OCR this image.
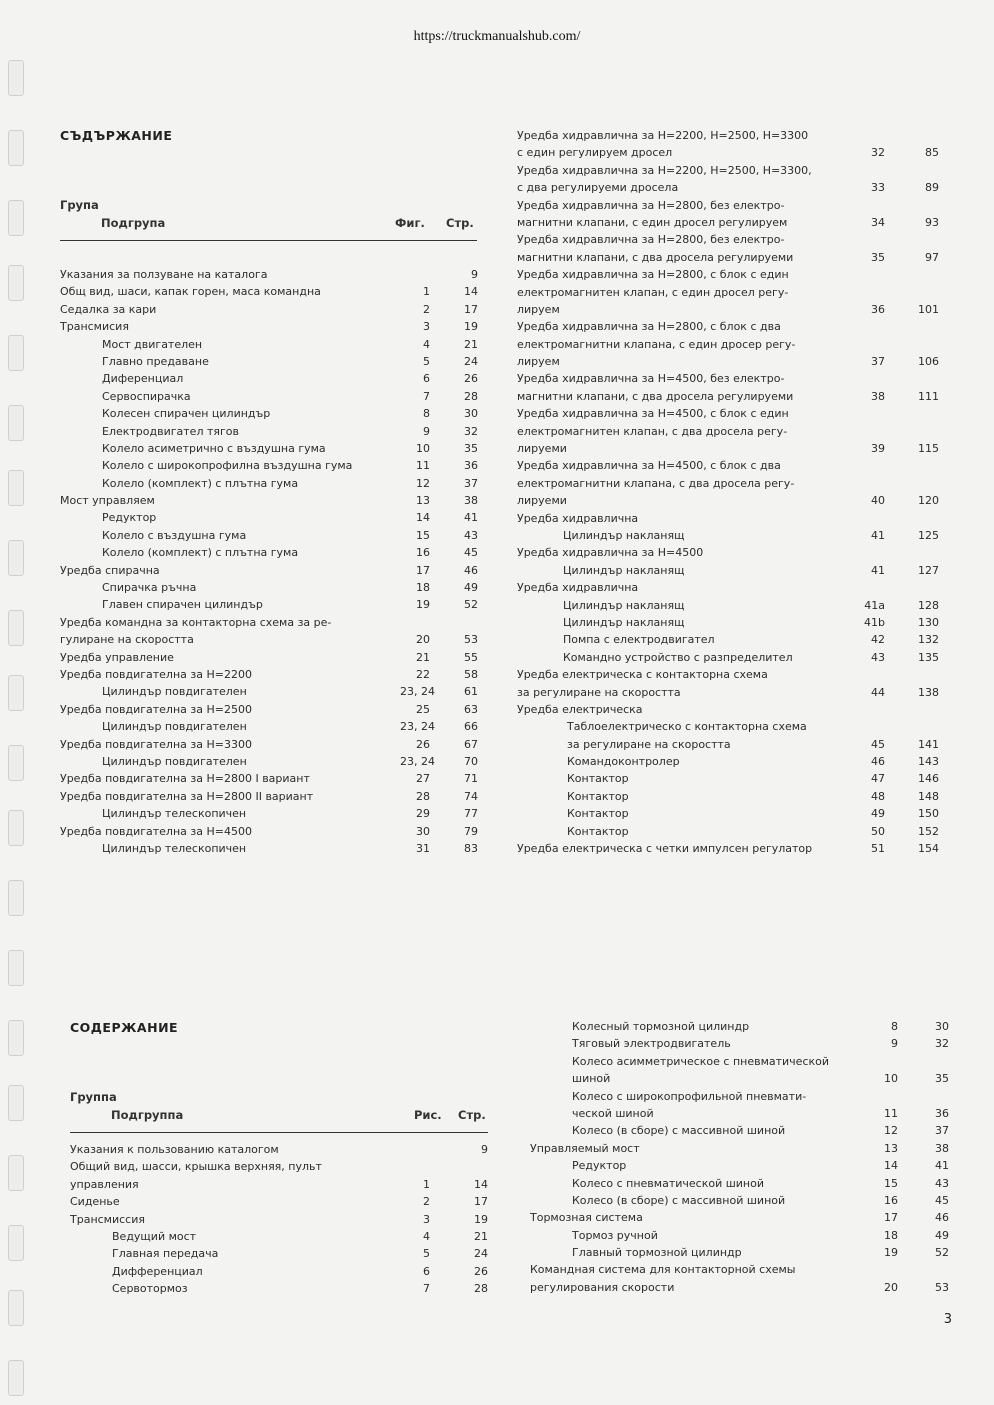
https://truckmanualshub.com/
СЪДЪРЖАНИЕ
Група
Подгрупа	Фиг. Стр.
Указания за ползуване на каталога	9
Общ вид, шаси, капак горен, маса командна	1	14
Седалка за кари	2	17
Трансмисия	3	19
Мост двигателен	4	21
Главно предаване	5	24
Диференциал	6	26
Сервоспирачка	7	28
Колесен спирачен цилиндър	8	30
Електродвигател тягов	9	32
Колело асиметрично с въздушна гума	10	35
Колело с широкопрофилна въздушна гума	11	36
Колело (комплект) с плътна гума	12	37
Мост управляем	13	38
Редуктор	14	41
Колело с въздушна гума	15	43
Колело (комплект) с плътна гума	16	45
Уредба спирачна	17	46
Спирачка ръчна	18	49
Главен спирачен цилиндър	19	52
Уредба командна за контакторна схема за ре-
гулиране на скоростта	20	53
Уредба управление	21	55
Уредба повдигателна за Н=2200	22	58
Цилиндър повдигателен	23, 24	61
Уредба повдигателна за Н=2500	25	63
Цилиндър повдигателен	23, 24	66
Уредба повдигателна за Н=3300	26	67
Цилиндър повдигателен	23, 24	70
Уредба повдигателна за Н=2800 I вариант	27	71
Уредба повдигателна за Н=2800 II вариант	28	74
Цилиндър телескопичен	29	77
Уредба повдигателна за Н=4500	30	79
Цилиндър телескопичен	31	83
Уредба хидравлична за Н=2200, Н=2500, Н=3300
с един регулируем дросел	32	85
Уредба хидравлична за Н=2200, Н=2500, Н=3300,
с два регулируеми дросела	33	89
Уредба хидравлична за Н=2800, без електро-
магнитни клапани, с един дросел регулируем	34	93
Уредба хидравлична за Н=2800, без електро-
магнитни клапани, с два дросела регулируеми	35	97
Уредба хидравлична за Н=2800, с блок с един
електромагнитен клапан, с един дросел регу-
лируем	36	101
Уредба хидравлична за Н=2800, с блок с два
електромагнитни клапана, с един дросер регу-
лируем	37	106
Уредба хидравлична за Н=4500, без електро-
магнитни клапани, с два дросела регулируеми	38	111
Уредба хидравлична за Н=4500, с блок с един
електромагнитен клапан, с два дросела регу-
лируеми	39	115
Уредба хидравлична за Н=4500, с блок с два
електромагнитни клапана, с два дросела регу-
лируеми	40	120
Уредба хидравлична
Цилиндър накланящ	41	125
Уредба хидравлична за Н=4500
Цилиндър накланящ	41	127
Уредба хидравлична
Цилиндър накланящ	41a	128
Цилиндър накланящ	41b	130
Помпа с електродвигател	42	132
Командно устройство с разпределител	43	135
Уредба електрическа с контакторна схема
за регулиране на скоростта	44	138
Уредба електрическа
Таблоелектрическо с контакторна схема
за регулиране на скоростта	45	141
Командоконтролер	46	143
Контактор	47	146
Контактор	48	148
Контактор	49	150
Контактор	50	152
Уредба електрическа с четки импулсен регулатор	51	154
СОДЕРЖАНИЕ
Группа
Подгруппа	Рис. Стр.
Указания к пользованию каталогом	9
Общий вид, шасси, крышка верхняя, пульт
управления	1	14
Сиденье	2	17
Трансмиссия	3	19
Ведущий мост	4	21
Главная передача	5	24
Дифференциал	6	26
Сервотормоз	7	28
Колесный тормозной цилиндр	8	30
Тяговый электродвигатель	9	32
Колесо асимметрическое с пневматической
шиной	10	35
Колесо с широкопрофильной пневмати-
ческой шиной	11	36
Колесо (в сборе) с массивной шиной	12	37
Управляемый мост	13	38
Редуктор	14	41
Колесо с пневматической шиной	15	43
Колесо (в сборе) с массивной шиной	16	45
Тормозная система	17	46
Тормоз ручной	18	49
Главный тормозной цилиндр	19	52
Командная система для контакторной схемы
регулирования скорости	20	53
3
